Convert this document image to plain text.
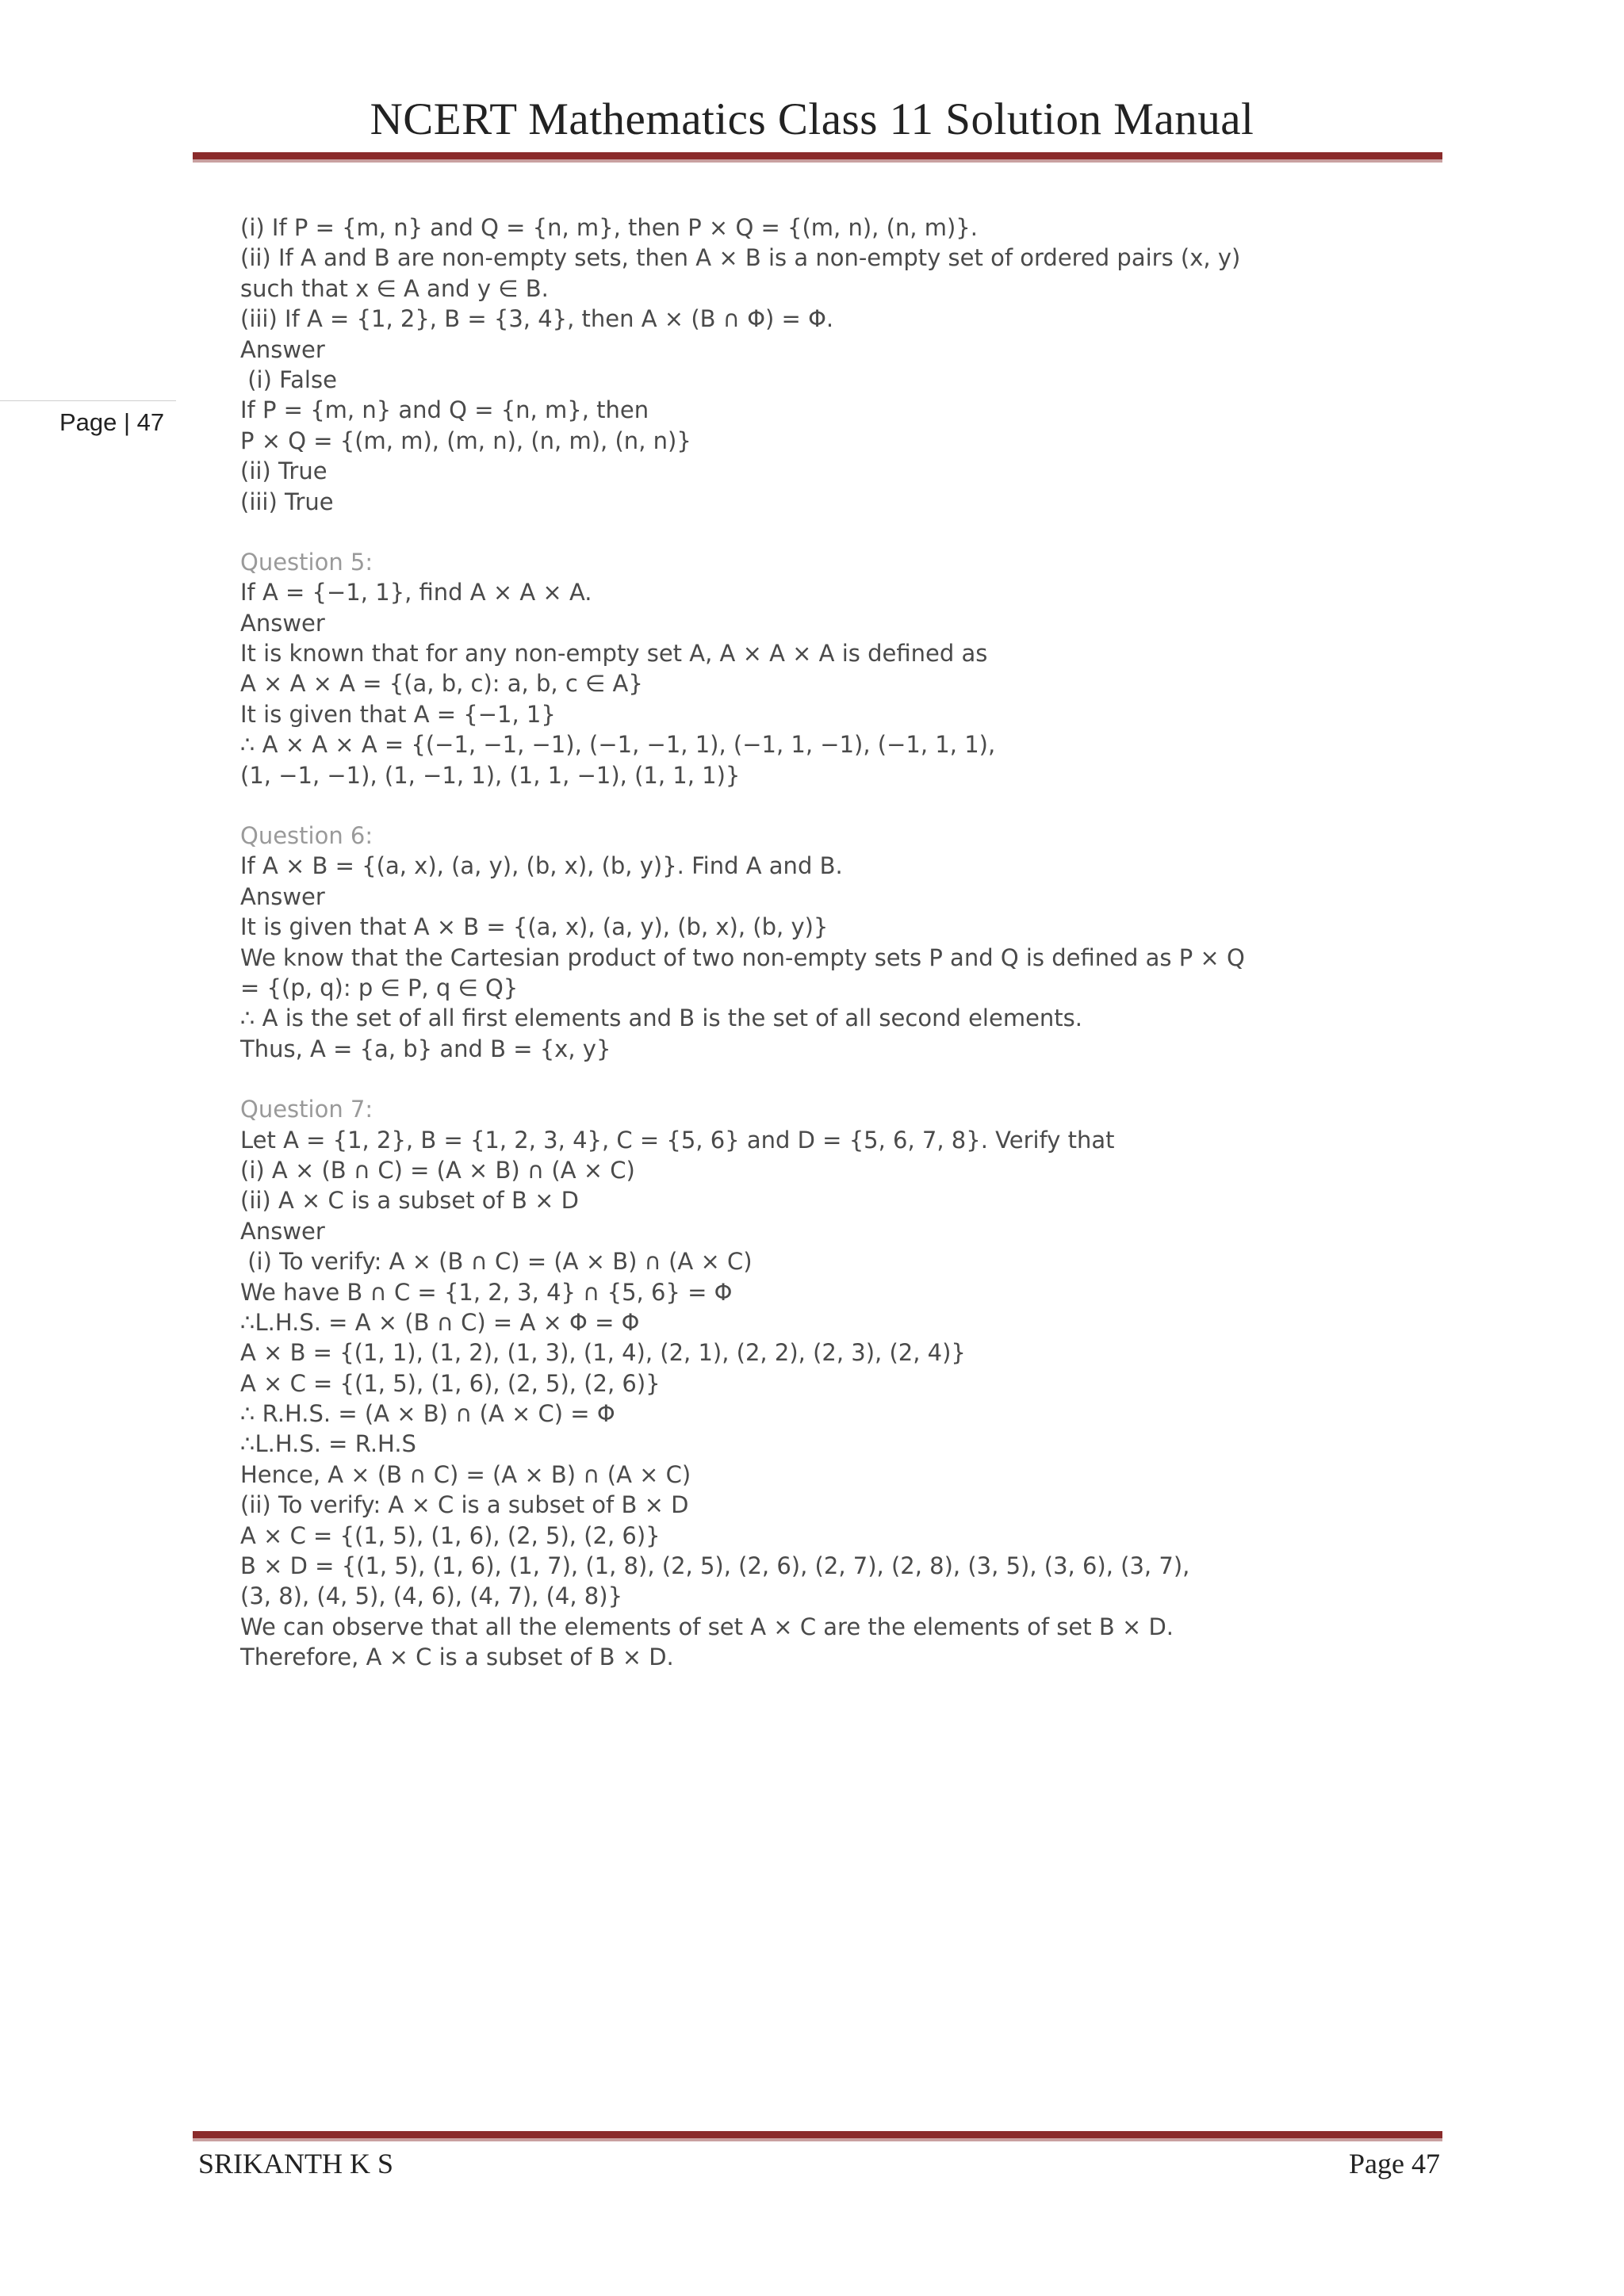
NCERT Mathematics Class 11 Solution Manual
Page | 47
(i) If P = {m, n} and Q = {n, m}, then P × Q = {(m, n), (n, m)}.
(ii) If A and B are non-empty sets, then A × B is a non-empty set of ordered pairs (x, y)
such that x ∈ A and y ∈ B.
(iii) If A = {1, 2}, B = {3, 4}, then A × (B ∩ Φ) = Φ.
Answer
(i) False
If P = {m, n} and Q = {n, m}, then
P × Q = {(m, m), (m, n), (n, m), (n, n)}
(ii) True
(iii) True
Question 5:
If A = {−1, 1}, find A × A × A.
Answer
It is known that for any non-empty set A, A × A × A is defined as
A × A × A = {(a, b, c): a, b, c ∈ A}
It is given that A = {−1, 1}
∴ A × A × A = {(−1, −1, −1), (−1, −1, 1), (−1, 1, −1), (−1, 1, 1),
(1, −1, −1), (1, −1, 1), (1, 1, −1), (1, 1, 1)}
Question 6:
If A × B = {(a, x), (a, y), (b, x), (b, y)}. Find A and B.
Answer
It is given that A × B = {(a, x), (a, y), (b, x), (b, y)}
We know that the Cartesian product of two non-empty sets P and Q is defined as P × Q
= {(p, q): p ∈ P, q ∈ Q}
∴ A is the set of all first elements and B is the set of all second elements.
Thus, A = {a, b} and B = {x, y}
Question 7:
Let A = {1, 2}, B = {1, 2, 3, 4}, C = {5, 6} and D = {5, 6, 7, 8}. Verify that
(i) A × (B ∩ C) = (A × B) ∩ (A × C)
(ii) A × C is a subset of B × D
Answer
(i) To verify: A × (B ∩ C) = (A × B) ∩ (A × C)
We have B ∩ C = {1, 2, 3, 4} ∩ {5, 6} = Φ
∴L.H.S. = A × (B ∩ C) = A × Φ = Φ
A × B = {(1, 1), (1, 2), (1, 3), (1, 4), (2, 1), (2, 2), (2, 3), (2, 4)}
A × C = {(1, 5), (1, 6), (2, 5), (2, 6)}
∴ R.H.S. = (A × B) ∩ (A × C) = Φ
∴L.H.S. = R.H.S
Hence, A × (B ∩ C) = (A × B) ∩ (A × C)
(ii) To verify: A × C is a subset of B × D
A × C = {(1, 5), (1, 6), (2, 5), (2, 6)}
B × D = {(1, 5), (1, 6), (1, 7), (1, 8), (2, 5), (2, 6), (2, 7), (2, 8), (3, 5), (3, 6), (3, 7),
(3, 8), (4, 5), (4, 6), (4, 7), (4, 8)}
We can observe that all the elements of set A × C are the elements of set B × D.
Therefore, A × C is a subset of B × D.
SRIKANTH K S	Page 47
